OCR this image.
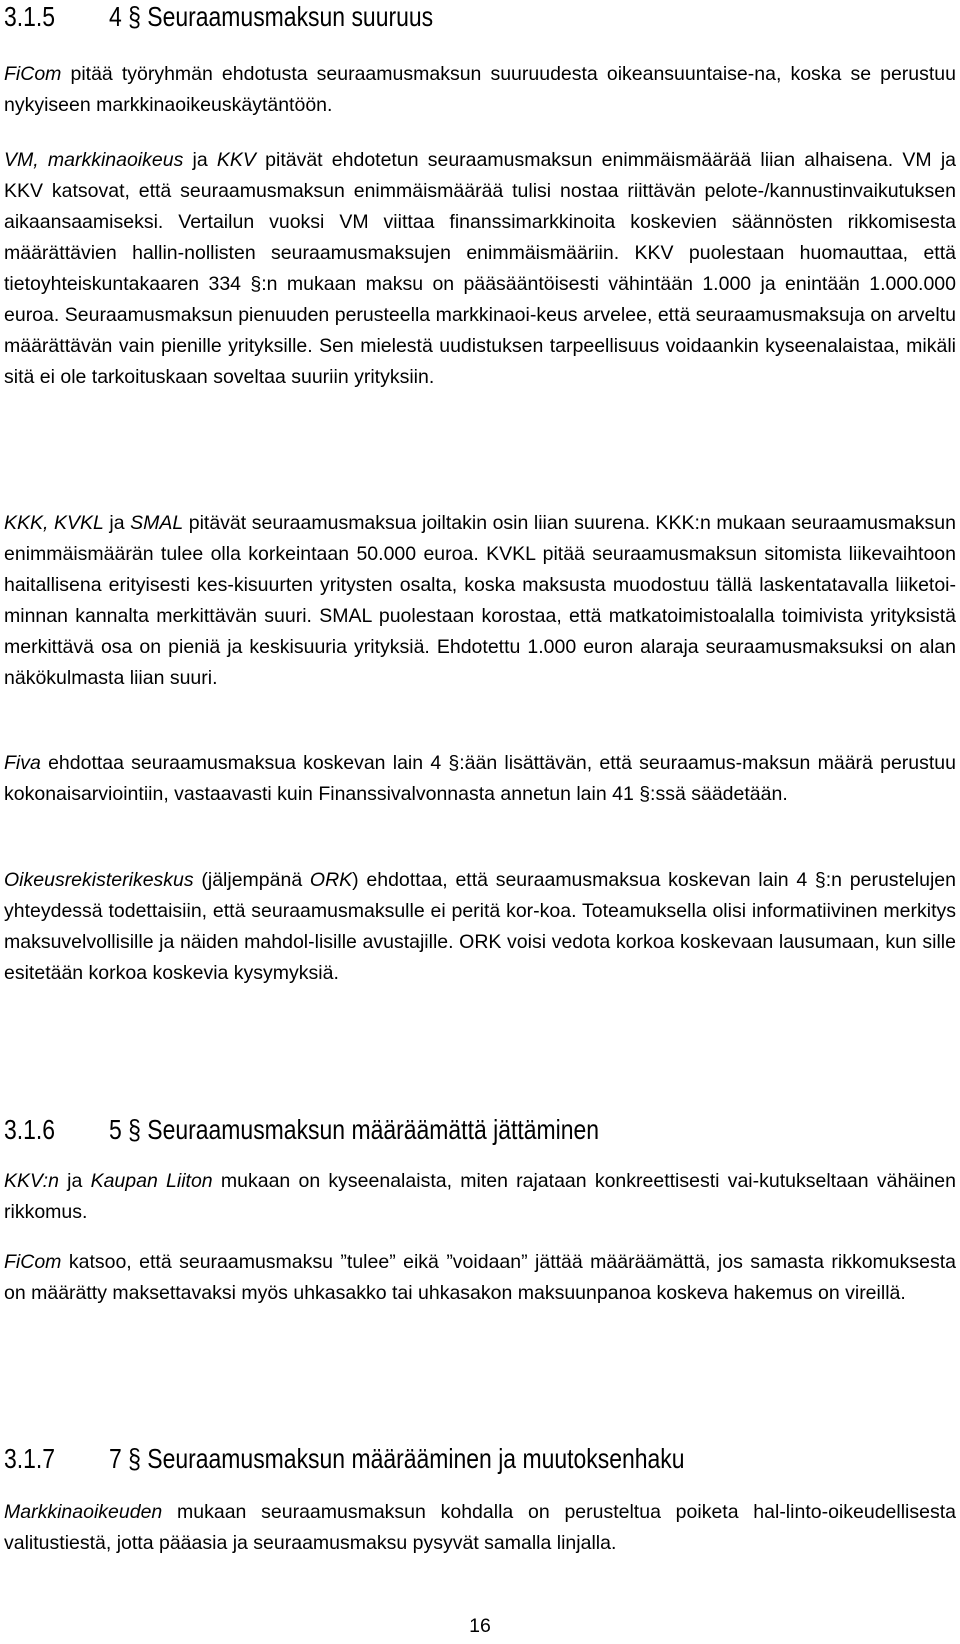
3.1.5 4 § Seuraamusmaksun suuruus

FiCom pitää työryhmän ehdotusta seuraamusmaksun suuruudesta oikeansuuntaise-na, koska se perustuu nykyiseen markkinaoikeuskäytäntöön.

VM, markkinaoikeus ja KKV pitävät ehdotetun seuraamusmaksun enimmäismäärää liian alhaisena. VM ja KKV katsovat, että seuraamusmaksun enimmäismäärää tulisi nostaa riittävän pelote-/kannustinvaikutuksen aikaansaamiseksi. Vertailun vuoksi VM viittaa finanssimarkkinoita koskevien säännösten rikkomisesta määrättävien hallin-nollisten seuraamusmaksujen enimmäismääriin. KKV puolestaan huomauttaa, että tietoyhteiskuntakaaren 334 §:n mukaan maksu on pääsääntöisesti vähintään 1.000 ja enintään 1.000.000 euroa. Seuraamusmaksun pienuuden perusteella markkinaoi-keus arvelee, että seuraamusmaksuja on arveltu määrättävän vain pienille yrityksille. Sen mielestä uudistuksen tarpeellisuus voidaankin kyseenalaistaa, mikäli sitä ei ole tarkoituskaan soveltaa suuriin yrityksiin.

KKK, KVKL ja SMAL pitävät seuraamusmaksua joiltakin osin liian suurena. KKK:n mukaan seuraamusmaksun enimmäismäärän tulee olla korkeintaan 50.000 euroa. KVKL pitää seuraamusmaksun sitomista liikevaihtoon haitallisena erityisesti kes-kisuurten yritysten osalta, koska maksusta muodostuu tällä laskentatavalla liiketoi-minnan kannalta merkittävän suuri. SMAL puolestaan korostaa, että matkatoimistoalalla toimivista yrityksistä merkittävä osa on pieniä ja keskisuuria yrityksiä. Ehdotettu 1.000 euron alaraja seuraamusmaksuksi on alan näkökulmasta liian suuri.

Fiva ehdottaa seuraamusmaksua koskevan lain 4 §:ään lisättävän, että seuraamus-maksun määrä perustuu kokonaisarviointiin, vastaavasti kuin Finanssivalvonnasta annetun lain 41 §:ssä säädetään.

Oikeusrekisterikeskus (jäljempänä ORK) ehdottaa, että seuraamusmaksua koskevan lain 4 §:n perustelujen yhteydessä todettaisiin, että seuraamusmaksulle ei peritä kor-koa. Toteamuksella olisi informatiivinen merkitys maksuvelvollisille ja näiden mahdol-lisille avustajille. ORK voisi vedota korkoa koskevaan lausumaan, kun sille esitetään korkoa koskevia kysymyksiä.

3.1.6 5 § Seuraamusmaksun määräämättä jättäminen

KKV:n ja Kaupan Liiton mukaan on kyseenalaista, miten rajataan konkreettisesti vai-kutukseltaan vähäinen rikkomus.

FiCom katsoo, että seuraamusmaksu ”tulee” eikä ”voidaan” jättää määräämättä, jos samasta rikkomuksesta on määrätty maksettavaksi myös uhkasakko tai uhkasakon maksuunpanoa koskeva hakemus on vireillä.

3.1.7 7 § Seuraamusmaksun määrääminen ja muutoksenhaku

Markkinaoikeuden mukaan seuraamusmaksun kohdalla on perusteltua poiketa hal-linto-oikeudellisesta valitustiestä, jotta pääasia ja seuraamusmaksu pysyvät samalla linjalla.

16
